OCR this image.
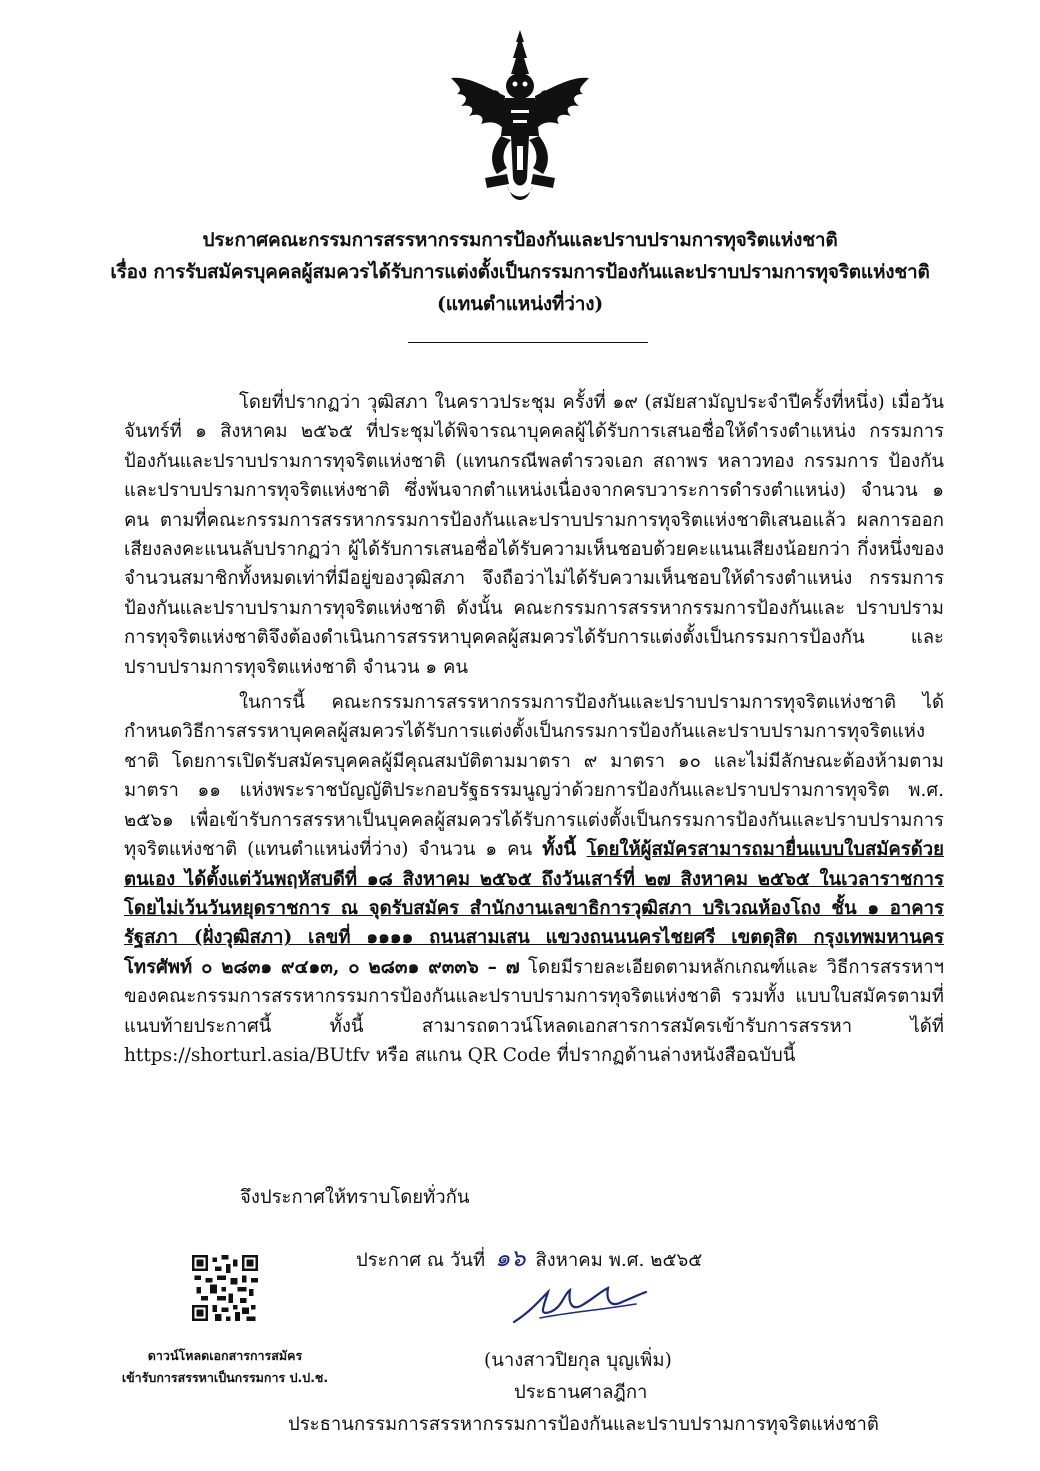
ประกาศคณะกรรมการสรรหากรรมการป้องกันและปราบปรามการทุจริตแห่งชาติ
เรื่อง การรับสมัครบุคคลผู้สมควรได้รับการแต่งตั้งเป็นกรรมการป้องกันและปราบปรามการทุจริตแห่งชาติ
(แทนตำแหน่งที่ว่าง)

โดยที่ปรากฏว่า วุฒิสภา ในคราวประชุม ครั้งที่ ๑๙ (สมัยสามัญประจำปีครั้งที่หนึ่ง) เมื่อวันจันทร์ที่ ๑ สิงหาคม ๒๕๖๕ ที่ประชุมได้พิจารณาบุคคลผู้ได้รับการเสนอชื่อให้ดำรงตำแหน่ง กรรมการป้องกันและปราบปรามการทุจริตแห่งชาติ (แทนกรณีพลตำรวจเอก สถาพร หลาวทอง กรรมการ ป้องกันและปราบปรามการทุจริตแห่งชาติ ซึ่งพ้นจากตำแหน่งเนื่องจากครบวาระการดำรงตำแหน่ง) จำนวน ๑ คน ตามที่คณะกรรมการสรรหากรรมการป้องกันและปราบปรามการทุจริตแห่งชาติเสนอแล้ว ผลการออกเสียงลงคะแนนลับปรากฏว่า ผู้ได้รับการเสนอชื่อได้รับความเห็นชอบด้วยคะแนนเสียงน้อยกว่า กึ่งหนึ่งของจำนวนสมาชิกทั้งหมดเท่าที่มีอยู่ของวุฒิสภา จึงถือว่าไม่ได้รับความเห็นชอบให้ดำรงตำแหน่ง กรรมการป้องกันและปราบปรามการทุจริตแห่งชาติ ดังนั้น คณะกรรมการสรรหากรรมการป้องกันและ ปราบปรามการทุจริตแห่งชาติจึงต้องดำเนินการสรรหาบุคคลผู้สมควรได้รับการแต่งตั้งเป็นกรรมการป้องกัน และปราบปรามการทุจริตแห่งชาติ จำนวน ๑ คน

ในการนี้ คณะกรรมการสรรหากรรมการป้องกันและปราบปรามการทุจริตแห่งชาติ ได้กำหนดวิธีการสรรหาบุคคลผู้สมควรได้รับการแต่งตั้งเป็นกรรมการป้องกันและปราบปรามการทุจริตแห่งชาติ โดยการเปิดรับสมัครบุคคลผู้มีคุณสมบัติตามมาตรา ๙ มาตรา ๑๐ และไม่มีลักษณะต้องห้ามตามมาตรา ๑๑ แห่งพระราชบัญญัติประกอบรัฐธรรมนูญว่าด้วยการป้องกันและปราบปรามการทุจริต พ.ศ. ๒๕๖๑ เพื่อเข้ารับการสรรหาเป็นบุคคลผู้สมควรได้รับการแต่งตั้งเป็นกรรมการป้องกันและปราบปรามการทุจริตแห่งชาติ (แทนตำแหน่งที่ว่าง) จำนวน ๑ คน ทั้งนี้ โดยให้ผู้สมัครสามารถมายื่นแบบใบสมัครด้วยตนเอง ได้ตั้งแต่วันพฤหัสบดีที่ ๑๘ สิงหาคม ๒๕๖๕ ถึงวันเสาร์ที่ ๒๗ สิงหาคม ๒๕๖๕ ในเวลาราชการ โดยไม่เว้นวันหยุดราชการ ณ จุดรับสมัคร สำนักงานเลขาธิการวุฒิสภา บริเวณห้องโถง ชั้น ๑ อาคารรัฐสภา (ฝั่งวุฒิสภา) เลขที่ ๑๑๑๑ ถนนสามเสน แขวงถนนนครไชยศรี เขตดุสิต กรุงเทพมหานคร โทรศัพท์ ๐ ๒๘๓๑ ๙๔๑๓, ๐ ๒๘๓๑ ๙๓๓๖ – ๗ โดยมีรายละเอียดตามหลักเกณฑ์และ วิธีการสรรหาฯ ของคณะกรรมการสรรหากรรมการป้องกันและปราบปรามการทุจริตแห่งชาติ รวมทั้ง แบบใบสมัครตามที่แนบท้ายประกาศนี้ ทั้งนี้ สามารถดาวน์โหลดเอกสารการสมัครเข้ารับการสรรหา ได้ที่ https://shorturl.asia/BUtfv หรือ สแกน QR Code ที่ปรากฏด้านล่างหนังสือฉบับนี้

จึงประกาศให้ทราบโดยทั่วกัน
ประกาศ ณ วันที่ ๑๖ สิงหาคม พ.ศ. ๒๕๖๕
(นางสาวปิยกุล บุญเพิ่ม)
ประธานศาลฎีกา
ประธานกรรมการสรรหากรรมการป้องกันและปราบปรามการทุจริตแห่งชาติ
ดาวน์โหลดเอกสารการสมัคร
เข้ารับการสรรหาเป็นกรรมการ ป.ป.ช.
